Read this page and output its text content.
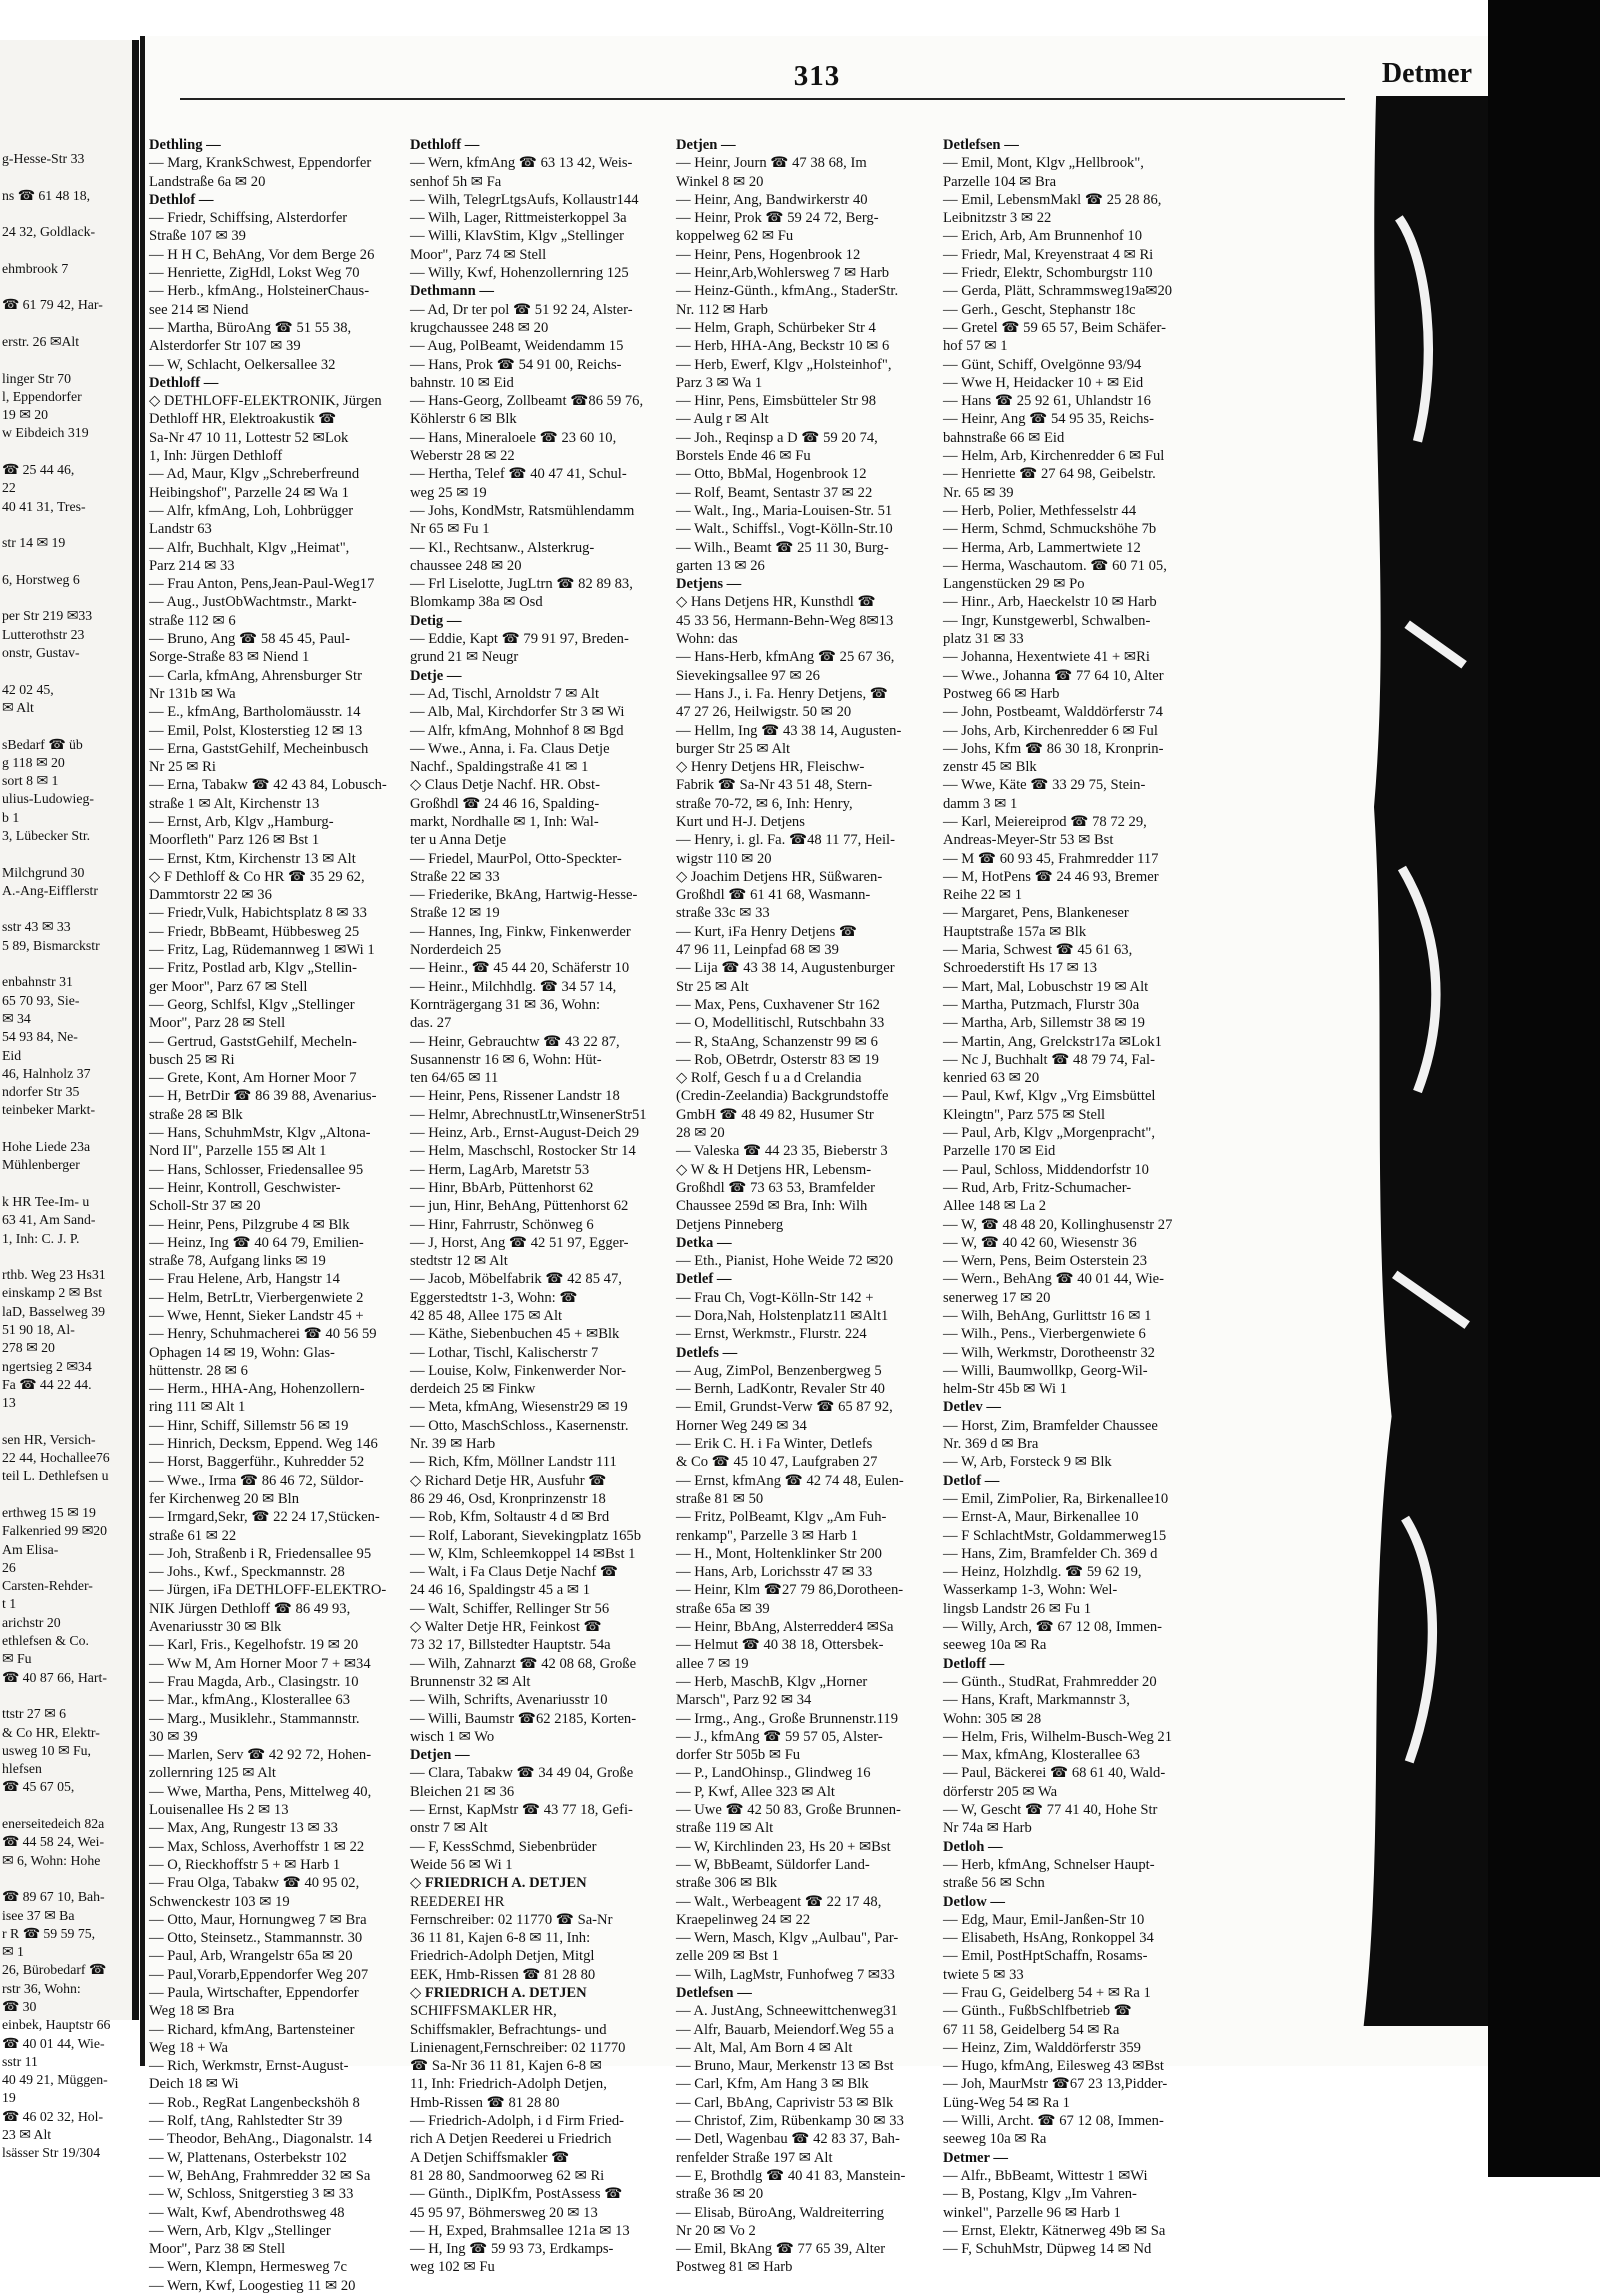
g-Hesse-Str 33
ns ☎ 61 48 18,
24 32, Goldlack-
ehmbrook 7
☎ 61 79 42, Har-
erstr. 26 ✉Alt
linger Str 70
l, Eppendorfer
19 ✉ 20
w Eibdeich 319
☎ 25 44 46,
22
40 41 31, Tres-
str 14 ✉ 19
6, Horstweg 6
per Str 219 ✉33
Lutterothstr 23
onstr, Gustav-
42 02 45,
✉ Alt
sBedarf ☎ üb
g 118 ✉ 20
sort 8 ✉ 1
ulius-Ludowieg-
b 1
3, Lübecker Str.
Milchgrund 30
A.-Ang-Eifflerstr
sstr 43 ✉ 33
5 89, Bismarckstr
enbahnstr 31
65 70 93, Sie-
✉ 34
54 93 84, Ne-
Eid
46, Halnholz 37
ndorfer Str 35
teinbeker Markt-
Hohe Liede 23a
Mühlenberger
k HR Tee-Im- u
63 41, Am Sand-
1, Inh: C. J. P.
rthb. Weg 23 Hs31
einskamp 2 ✉ Bst
laD, Basselweg 39
51 90 18, Al-
278 ✉ 20
ngertsieg 2 ✉34
Fa ☎ 44 22 44.
13
sen HR, Versich-
22 44, Hochallee76
teil L. Dethlefsen u
erthweg 15 ✉ 19
Falkenried 99 ✉20
Am Elisa-
26
Carsten-Rehder-
t 1
arichstr 20
ethlefsen & Co.
✉ Fu
☎ 40 87 66, Hart-
ttstr 27 ✉ 6
& Co HR, Elektr-
usweg 10 ✉ Fu,
hlefsen
☎ 45 67 05,
enerseitedeich 82a
☎ 44 58 24, Wei-
✉ 6, Wohn: Hohe
☎ 89 67 10, Bah-
isee 37 ✉ Ba
r R ☎ 59 59 75,
✉ 1
26, Bürobedarf ☎
rstr 36, Wohn:
☎ 30
einbek, Hauptstr 66
☎ 40 01 44, Wie-
sstr 11
40 49 21, Müggen-
19
☎ 46 02 32, Hol-
23 ✉ Alt
lsässer Str 19/304
313	Detmer
Dethling —
— Marg, KrankSchwest, Eppendorfer
Landstraße 6a ✉ 20
Dethlof —
— Friedr, Schiffsing, Alsterdorfer
Straße 107 ✉ 39
— H H C, BehAng, Vor dem Berge 26
— Henriette, ZigHdl, Lokst Weg 70
— Herb., kfmAng., HolsteinerChaus-
see 214 ✉ Niend
— Martha, BüroAng ☎ 51 55 38,
Alsterdorfer Str 107 ✉ 39
— W, Schlacht, Oelkersallee 32
Dethloff —
◇ DETHLOFF-ELEKTRONIK, Jürgen
Dethloff HR, Elektroakustik ☎
Sa-Nr 47 10 11, Lottestr 52 ✉Lok
1, Inh: Jürgen Dethloff
— Ad, Maur, Klgv „Schreberfreund
Heibingshof", Parzelle 24 ✉ Wa 1
— Alfr, kfmAng, Loh, Lohbrügger
Landstr 63
— Alfr, Buchhalt, Klgv „Heimat",
Parz 214 ✉ 33
— Frau Anton, Pens,Jean-Paul-Weg17
— Aug., JustObWachtmstr., Markt-
straße 112 ✉ 6
— Bruno, Ang ☎ 58 45 45, Paul-
Sorge-Straße 83 ✉ Niend 1
— Carla, kfmAng, Ahrensburger Str
Nr 131b ✉ Wa
— E., kfmAng, Bartholomäusstr. 14
— Emil, Polst, Klosterstieg 12 ✉ 13
— Erna, GaststGehilf, Mecheinbusch
Nr 25 ✉ Ri
— Erna, Tabakw ☎ 42 43 84, Lobusch-
straße 1 ✉ Alt, Kirchenstr 13
— Ernst, Arb, Klgv „Hamburg-
Moorfleth" Parz 126 ✉ Bst 1
— Ernst, Ktm, Kirchenstr 13 ✉ Alt
◇ F Dethloff & Co HR ☎ 35 29 62,
Dammtorstr 22 ✉ 36
— Friedr,Vulk, Habichtsplatz 8 ✉ 33
— Friedr, BbBeamt, Hübbesweg 25
— Fritz, Lag, Rüdemannweg 1 ✉Wi 1
— Fritz, Postlad arb, Klgv „Stellin-
ger Moor", Parz 67 ✉ Stell
— Georg, Schlfsl, Klgv „Stellinger
Moor", Parz 28 ✉ Stell
— Gertrud, GaststGehilf, Mecheln-
busch 25 ✉ Ri
— Grete, Kont, Am Horner Moor 7
— H, BetrDir ☎ 86 39 88, Avenarius-
straße 28 ✉ Blk
— Hans, SchuhmMstr, Klgv „Altona-
Nord II", Parzelle 155 ✉ Alt 1
— Hans, Schlosser, Friedensallee 95
— Heinr, Kontroll, Geschwister-
Scholl-Str 37 ✉ 20
— Heinr, Pens, Pilzgrube 4 ✉ Blk
— Heinz, Ing ☎ 40 64 79, Emilien-
straße 78, Aufgang links ✉ 19
— Frau Helene, Arb, Hangstr 14
— Helm, BetrLtr, Vierbergenwiete 2
— Wwe, Hennt, Sieker Landstr 45 +
— Henry, Schuhmacherei ☎ 40 56 59
Ophagen 14 ✉ 19, Wohn: Glas-
hüttenstr. 28 ✉ 6
— Herm., HHA-Ang, Hohenzollern-
ring 111 ✉ Alt 1
— Hinr, Schiff, Sillemstr 56 ✉ 19
— Hinrich, Decksm, Eppend. Weg 146
— Horst, Baggerführ., Kuhredder 52
— Wwe., Irma ☎ 86 46 72, Süldor-
fer Kirchenweg 20 ✉ Bln
— Irmgard,Sekr, ☎ 22 24 17,Stücken-
straße 61 ✉ 22
— Joh, Straßenb i R, Friedensallee 95
— Johs., Kwf., Speckmannstr. 28
— Jürgen, iFa DETHLOFF-ELEKTRO-
NIK Jürgen Dethloff ☎ 86 49 93,
Avenariusstr 30 ✉ Blk
— Karl, Fris., Kegelhofstr. 19 ✉ 20
— Ww M, Am Horner Moor 7 + ✉34
— Frau Magda, Arb., Clasingstr. 10
— Mar., kfmAng., Klosterallee 63
— Marg., Musiklehr., Stammannstr.
30 ✉ 39
— Marlen, Serv ☎ 42 92 72, Hohen-
zollernring 125 ✉ Alt
— Wwe, Martha, Pens, Mittelweg 40,
Louisenallee Hs 2 ✉ 13
— Max, Ang, Rungestr 13 ✉ 33
— Max, Schloss, Averhoffstr 1 ✉ 22
— O, Rieckhoffstr 5 + ✉ Harb 1
— Frau Olga, Tabakw ☎ 40 95 02,
Schwenckestr 103 ✉ 19
— Otto, Maur, Hornungweg 7 ✉ Bra
— Otto, Steinsetz., Stammannstr. 30
— Paul, Arb, Wrangelstr 65a ✉ 20
— Paul,Vorarb,Eppendorfer Weg 207
— Paula, Wirtschafter, Eppendorfer
Weg 18 ✉ Bra
— Richard, kfmAng, Bartensteiner
Weg 18 + Wa
— Rich, Werkmstr, Ernst-August-
Deich 18 ✉ Wi
— Rob., RegRat Langenbeckshöh 8
— Rolf, tAng, Rahlstedter Str 39
— Theodor, BehAng., Diagonalstr. 14
— W, Plattenans, Osterbekstr 102
— W, BehAng, Frahmredder 32 ✉ Sa
— W, Schloss, Snitgerstieg 3 ✉ 33
— Walt, Kwf, Abendrothsweg 48
— Wern, Arb, Klgv „Stellinger
Moor", Parz 38 ✉ Stell
— Wern, Klempn, Hermesweg 7c
— Wern, Kwf, Loogestieg 11 ✉ 20
Dethloff —
— Wern, kfmAng ☎ 63 13 42, Weis-
senhof 5h ✉ Fa
— Wilh, TelegrLtgsAufs, Kollaustr144
— Wilh, Lager, Rittmeisterkoppel 3a
— Willi, KlavStim, Klgv „Stellinger
Moor", Parz 74 ✉ Stell
— Willy, Kwf, Hohenzollernring 125
Dethmann —
— Ad, Dr ter pol ☎ 51 92 24, Alster-
krugchaussee 248 ✉ 20
— Aug, PolBeamt, Weidendamm 15
— Hans, Prok ☎ 54 91 00, Reichs-
bahnstr. 10 ✉ Eid
— Hans-Georg, Zollbeamt ☎86 59 76,
Köhlerstr 6 ✉ Blk
— Hans, Mineraloele ☎ 23 60 10,
Weberstr 28 ✉ 22
— Hertha, Telef ☎ 40 47 41, Schul-
weg 25 ✉ 19
— Johs, KondMstr, Ratsmühlendamm
Nr 65 ✉ Fu 1
— Kl., Rechtsanw., Alsterkrug-
chaussee 248 ✉ 20
— Frl Liselotte, JugLtrn ☎ 82 89 83,
Blomkamp 38a ✉ Osd
Detig —
— Eddie, Kapt ☎ 79 91 97, Breden-
grund 21 ✉ Neugr
Detje —
— Ad, Tischl, Arnoldstr 7 ✉ Alt
— Alb, Mal, Kirchdorfer Str 3 ✉ Wi
— Alfr, kfmAng, Mohnhof 8 ✉ Bgd
— Wwe., Anna, i. Fa. Claus Detje
Nachf., Spaldingstraße 41 ✉ 1
◇ Claus Detje Nachf. HR. Obst-
Großhdl ☎ 24 46 16, Spalding-
markt, Nordhalle ✉ 1, Inh: Wal-
ter u Anna Detje
— Friedel, MaurPol, Otto-Speckter-
Straße 22 ✉ 33
— Friederike, BkAng, Hartwig-Hesse-
Straße 12 ✉ 19
— Hannes, Ing, Finkw, Finkenwerder
Norderdeich 25
— Heinr., ☎ 45 44 20, Schäferstr 10
— Heinr., Milchhdlg. ☎ 34 57 14,
Kornträgergang 31 ✉ 36, Wohn:
das. 27
— Heinr, Gebrauchtw ☎ 43 22 87,
Susannenstr 16 ✉ 6, Wohn: Hüt-
ten 64/65 ✉ 11
— Heinr, Pens, Rissener Landstr 18
— Helmr, AbrechnustLtr,WinsenerStr51
— Heinz, Arb., Ernst-August-Deich 29
— Helm, Maschschl, Rostocker Str 14
— Herm, LagArb, Maretstr 53
— Hinr, BbArb, Püttenhorst 62
— jun, Hinr, BehAng, Püttenhorst 62
— Hinr, Fahrrustr, Schönweg 6
— J, Horst, Ang ☎ 42 51 97, Egger-
stedtstr 12 ✉ Alt
— Jacob, Möbelfabrik ☎ 42 85 47,
Eggerstedtstr 1-3, Wohn: ☎
42 85 48, Allee 175 ✉ Alt
— Käthe, Siebenbuchen 45 + ✉Blk
— Lothar, Tischl, Kalischerstr 7
— Louise, Kolw, Finkenwerder Nor-
derdeich 25 ✉ Finkw
— Meta, kfmAng, Wiesenstr29 ✉ 19
— Otto, MaschSchloss., Kasernenstr.
Nr. 39 ✉ Harb
— Rich, Kfm, Möllner Landstr 111
◇ Richard Detje HR, Ausfuhr ☎
86 29 46, Osd, Kronprinzenstr 18
— Rob, Kfm, Soltaustr 4 d ✉ Brd
— Rolf, Laborant, Sievekingplatz 165b
— W, Klm, Schleemkoppel 14 ✉Bst 1
— Walt, i Fa Claus Detje Nachf ☎
24 46 16, Spaldingstr 45 a ✉ 1
— Walt, Schiffer, Rellinger Str 56
◇ Walter Detje HR, Feinkost ☎
73 32 17, Billstedter Hauptstr. 54a
— Wilh, Zahnarzt ☎ 42 08 68, Große
Brunnenstr 32 ✉ Alt
— Wilh, Schrifts, Avenariusstr 10
— Willi, Baumstr ☎62 2185, Korten-
wisch 1 ✉ Wo
Detjen —
— Clara, Tabakw ☎ 34 49 04, Große
Bleichen 21 ✉ 36
— Ernst, KapMstr ☎ 43 77 18, Gefi-
onstr 7 ✉ Alt
— F, KessSchmd, Siebenbrüder
Weide 56 ✉ Wi 1
◇ FRIEDRICH A. DETJEN
REEDEREI HR
Fernschreiber: 02 11770 ☎ Sa-Nr
36 11 81, Kajen 6-8 ✉ 11, Inh:
Friedrich-Adolph Detjen, Mitgl
EEK, Hmb-Rissen ☎ 81 28 80
◇ FRIEDRICH A. DETJEN
SCHIFFSMAKLER HR,
Schiffsmakler, Befrachtungs- und
Linienagent,Fernschreiber: 02 11770
☎ Sa-Nr 36 11 81, Kajen 6-8 ✉
11, Inh: Friedrich-Adolph Detjen,
Hmb-Rissen ☎ 81 28 80
— Friedrich-Adolph, i d Firm Fried-
rich A Detjen Reederei u Friedrich
A Detjen Schiffsmakler ☎
81 28 80, Sandmoorweg 62 ✉ Ri
— Günth., DiplKfm, PostAssess ☎
45 95 97, Böhmersweg 20 ✉ 13
— H, Exped, Brahmsallee 121a ✉ 13
— H, Ing ☎ 59 93 73, Erdkamps-
weg 102 ✉ Fu
Detjen —
— Heinr, Journ ☎ 47 38 68, Im
Winkel 8 ✉ 20
— Heinr, Ang, Bandwirkerstr 40
— Heinr, Prok ☎ 59 24 72, Berg-
koppelweg 62 ✉ Fu
— Heinr, Pens, Hogenbrook 12
— Heinr,Arb,Wohlersweg 7 ✉ Harb
— Heinz-Günth., kfmAng., StaderStr.
Nr. 112 ✉ Harb
— Helm, Graph, Schürbeker Str 4
— Herb, HHA-Ang, Beckstr 10 ✉ 6
— Herb, Ewerf, Klgv „Holsteinhof",
Parz 3 ✉ Wa 1
— Hinr, Pens, Eimsbütteler Str 98
— Aulg r ✉ Alt
— Joh., Reqinsp a D ☎ 59 20 74,
Borstels Ende 46 ✉ Fu
— Otto, BbMal, Hogenbrook 12
— Rolf, Beamt, Sentastr 37 ✉ 22
— Walt., Ing., Maria-Louisen-Str. 51
— Walt., Schiffsl., Vogt-Kölln-Str.10
— Wilh., Beamt ☎ 25 11 30, Burg-
garten 13 ✉ 26
Detjens —
◇ Hans Detjens HR, Kunsthdl ☎
45 33 56, Hermann-Behn-Weg 8✉13
Wohn: das
— Hans-Herb, kfmAng ☎ 25 67 36,
Sievekingsallee 97 ✉ 26
— Hans J., i. Fa. Henry Detjens, ☎
47 27 26, Heilwigstr. 50 ✉ 20
— Hellm, Ing ☎ 43 38 14, Augusten-
burger Str 25 ✉ Alt
◇ Henry Detjens HR, Fleischw-
Fabrik ☎ Sa-Nr 43 51 48, Stern-
straße 70-72, ✉ 6, Inh: Henry,
Kurt und H-J. Detjens
— Henry, i. gl. Fa. ☎48 11 77, Heil-
wigstr 110 ✉ 20
◇ Joachim Detjens HR, Süßwaren-
Großhdl ☎ 61 41 68, Wasmann-
straße 33c ✉ 33
— Kurt, iFa Henry Detjens ☎
47 96 11, Leinpfad 68 ✉ 39
— Lija ☎ 43 38 14, Augustenburger
Str 25 ✉ Alt
— Max, Pens, Cuxhavener Str 162
— O, Modellitischl, Rutschbahn 33
— R, StaAng, Schanzenstr 99 ✉ 6
— Rob, OBetrdr, Osterstr 83 ✉ 19
◇ Rolf, Gesch f u a d Crelandia
(Credin-Zeelandia) Backgrundstoffe
GmbH ☎ 48 49 82, Husumer Str
28 ✉ 20
— Valeska ☎ 44 23 35, Bieberstr 3
◇ W & H Detjens HR, Lebensm-
Großhdl ☎ 73 63 53, Bramfelder
Chaussee 259d ✉ Bra, Inh: Wilh
Detjens Pinneberg
Detka —
— Eth., Pianist, Hohe Weide 72 ✉20
Detlef —
— Frau Ch, Vogt-Kölln-Str 142 +
— Dora,Nah, Holstenplatz11 ✉Alt1
— Ernst, Werkmstr., Flurstr. 224
Detlefs —
— Aug, ZimPol, Benzenbergweg 5
— Bernh, LadKontr, Revaler Str 40
— Emil, Grundst-Verw ☎ 65 87 92,
Horner Weg 249 ✉ 34
— Erik C. H. i Fa Winter, Detlefs
& Co ☎ 45 10 47, Laufgraben 27
— Ernst, kfmAng ☎ 42 74 48, Eulen-
straße 81 ✉ 50
— Fritz, PolBeamt, Klgv „Am Fuh-
renkamp", Parzelle 3 ✉ Harb 1
— H., Mont, Holtenklinker Str 200
— Hans, Arb, Lorichsstr 47 ✉ 33
— Heinr, Klm ☎27 79 86,Dorotheen-
straße 65a ✉ 39
— Heinr, BbAng, Alsterredder4 ✉Sa
— Helmut ☎ 40 38 18, Ottersbek-
allee 7 ✉ 19
— Herb, MaschB, Klgv „Horner
Marsch", Parz 92 ✉ 34
— Irmg., Ang., Große Brunnenstr.119
— J., kfmAng ☎ 59 57 05, Alster-
dorfer Str 505b ✉ Fu
— P., LandOhinsp., Glindweg 16
— P, Kwf, Allee 323 ✉ Alt
— Uwe ☎ 42 50 83, Große Brunnen-
straße 119 ✉ Alt
— W, Kirchlinden 23, Hs 20 + ✉Bst
— W, BbBeamt, Süldorfer Land-
straße 306 ✉ Blk
— Walt., Werbeagent ☎ 22 17 48,
Kraepelinweg 24 ✉ 22
— Wern, Masch, Klgv „Aulbau", Par-
zelle 209 ✉ Bst 1
— Wilh, LagMstr, Funhofweg 7 ✉33
Detlefsen —
— A. JustAng, Schneewittchenweg31
— Alfr, Bauarb, Meiendorf.Weg 55 a
— Alt, Mal, Am Born 4 ✉ Alt
— Bruno, Maur, Merkenstr 13 ✉ Bst
— Carl, Kfm, Am Hang 3 ✉ Blk
— Carl, BbAng, Caprivistr 53 ✉ Blk
— Christof, Zim, Rübenkamp 30 ✉ 33
— Detl, Wagenbau ☎ 42 83 37, Bah-
renfelder Straße 197 ✉ Alt
— E, Brothdlg ☎ 40 41 83, Manstein-
straße 36 ✉ 20
— Elisab, BüroAng, Waldreiterring
Nr 20 ✉ Vo 2
— Emil, BkAng ☎ 77 65 39, Alter
Postweg 81 ✉ Harb
Detlefsen —
— Emil, Mont, Klgv „Hellbrook",
Parzelle 104 ✉ Bra
— Emil, LebensmMakl ☎ 25 28 86,
Leibnitzstr 3 ✉ 22
— Erich, Arb, Am Brunnenhof 10
— Friedr, Mal, Kreyenstraat 4 ✉ Ri
— Friedr, Elektr, Schomburgstr 110
— Gerda, Plätt, Schrammsweg19a✉20
— Gerh., Gescht, Stephanstr 18c
— Gretel ☎ 59 65 57, Beim Schäfer-
hof 57 ✉ 1
— Günt, Schiff, Ovelgönne 93/94
— Wwe H, Heidacker 10 + ✉ Eid
— Hans ☎ 25 92 61, Uhlandstr 16
— Heinr, Ang ☎ 54 95 35, Reichs-
bahnstraße 66 ✉ Eid
— Helm, Arb, Kirchenredder 6 ✉ Ful
— Henriette ☎ 27 64 98, Geibelstr.
Nr. 65 ✉ 39
— Herb, Polier, Methfesselstr 44
— Herm, Schmd, Schmuckshöhe 7b
— Herma, Arb, Lammertwiete 12
— Herma, Waschautom. ☎ 60 71 05,
Langenstücken 29 ✉ Po
— Hinr., Arb, Haeckelstr 10 ✉ Harb
— Ingr, Kunstgewerbl, Schwalben-
platz 31 ✉ 33
— Johanna, Hexentwiete 41 + ✉Ri
— Wwe., Johanna ☎ 77 64 10, Alter
Postweg 66 ✉ Harb
— John, Postbeamt, Walddörferstr 74
— Johs, Arb, Kirchenredder 6 ✉ Ful
— Johs, Kfm ☎ 86 30 18, Kronprin-
zenstr 45 ✉ Blk
— Wwe, Käte ☎ 33 29 75, Stein-
damm 3 ✉ 1
— Karl, Meiereiprod ☎ 78 72 29,
Andreas-Meyer-Str 53 ✉ Bst
— M ☎ 60 93 45, Frahmredder 117
— M, HotPens ☎ 24 46 93, Bremer
Reihe 22 ✉ 1
— Margaret, Pens, Blankeneser
Hauptstraße 157a ✉ Blk
— Maria, Schwest ☎ 45 61 63,
Schroederstift Hs 17 ✉ 13
— Mart, Mal, Lobuschstr 19 ✉ Alt
— Martha, Putzmach, Flurstr 30a
— Martha, Arb, Sillemstr 38 ✉ 19
— Martin, Ang, Grelckstr17a ✉Lok1
— Nc J, Buchhalt ☎ 48 79 74, Fal-
kenried 63 ✉ 20
— Paul, Kwf, Klgv „Vrg Eimsbüttel
Kleingtn", Parz 575 ✉ Stell
— Paul, Arb, Klgv „Morgenpracht",
Parzelle 170 ✉ Eid
— Paul, Schloss, Middendorfstr 10
— Rud, Arb, Fritz-Schumacher-
Allee 148 ✉ La 2
— W, ☎ 48 48 20, Kollinghusenstr 27
— W, ☎ 40 42 60, Wiesenstr 36
— Wern, Pens, Beim Osterstein 23
— Wern., BehAng ☎ 40 01 44, Wie-
senerweg 17 ✉ 20
— Wilh, BehAng, Gurlittstr 16 ✉ 1
— Wilh., Pens., Vierbergenwiete 6
— Wilh, Werkmstr, Dorotheenstr 32
— Willi, Baumwollkp, Georg-Wil-
helm-Str 45b ✉ Wi 1
Detlev —
— Horst, Zim, Bramfelder Chaussee
Nr. 369 d ✉ Bra
— W, Arb, Forsteck 9 ✉ Blk
Detlof —
— Emil, ZimPolier, Ra, Birkenallee10
— Ernst-A, Maur, Birkenallee 10
— F SchlachtMstr, Goldammerweg15
— Hans, Zim, Bramfelder Ch. 369 d
— Heinz, Holzhdlg. ☎ 59 62 19,
Wasserkamp 1-3, Wohn: Wel-
lingsb Landstr 26 ✉ Fu 1
— Willy, Arch, ☎ 67 12 08, Immen-
seeweg 10a ✉ Ra
Detloff —
— Günth., StudRat, Frahmredder 20
— Hans, Kraft, Markmannstr 3,
Wohn: 305 ✉ 28
— Helm, Fris, Wilhelm-Busch-Weg 21
— Max, kfmAng, Klosterallee 63
— Paul, Bäckerei ☎ 68 61 40, Wald-
dörferstr 205 ✉ Wa
— W, Gescht ☎ 77 41 40, Hohe Str
Nr 74a ✉ Harb
Detloh —
— Herb, kfmAng, Schnelser Haupt-
straße 56 ✉ Schn
Detlow —
— Edg, Maur, Emil-Janßen-Str 10
— Elisabeth, HsAng, Ronkoppel 34
— Emil, PostHptSchaffn, Rosams-
twiete 5 ✉ 33
— Frau G, Geidelberg 54 + ✉ Ra 1
— Günth., FußbSchlfbetrieb ☎
67 11 58, Geidelberg 54 ✉ Ra
— Heinz, Zim, Walddörferstr 359
— Hugo, kfmAng, Eilesweg 43 ✉Bst
— Joh, MaurMstr ☎67 23 13,Pidder-
Lüng-Weg 54 ✉ Ra 1
— Willi, Archt. ☎ 67 12 08, Immen-
seeweg 10a ✉ Ra
Detmer —
— Alfr., BbBeamt, Wittestr 1 ✉Wi
— B, Postang, Klgv „Im Vahren-
winkel", Parzelle 96 ✉ Harb 1
— Ernst, Elektr, Kätnerweg 49b ✉ Sa
— F, SchuhMstr, Düpweg 14 ✉ Nd
